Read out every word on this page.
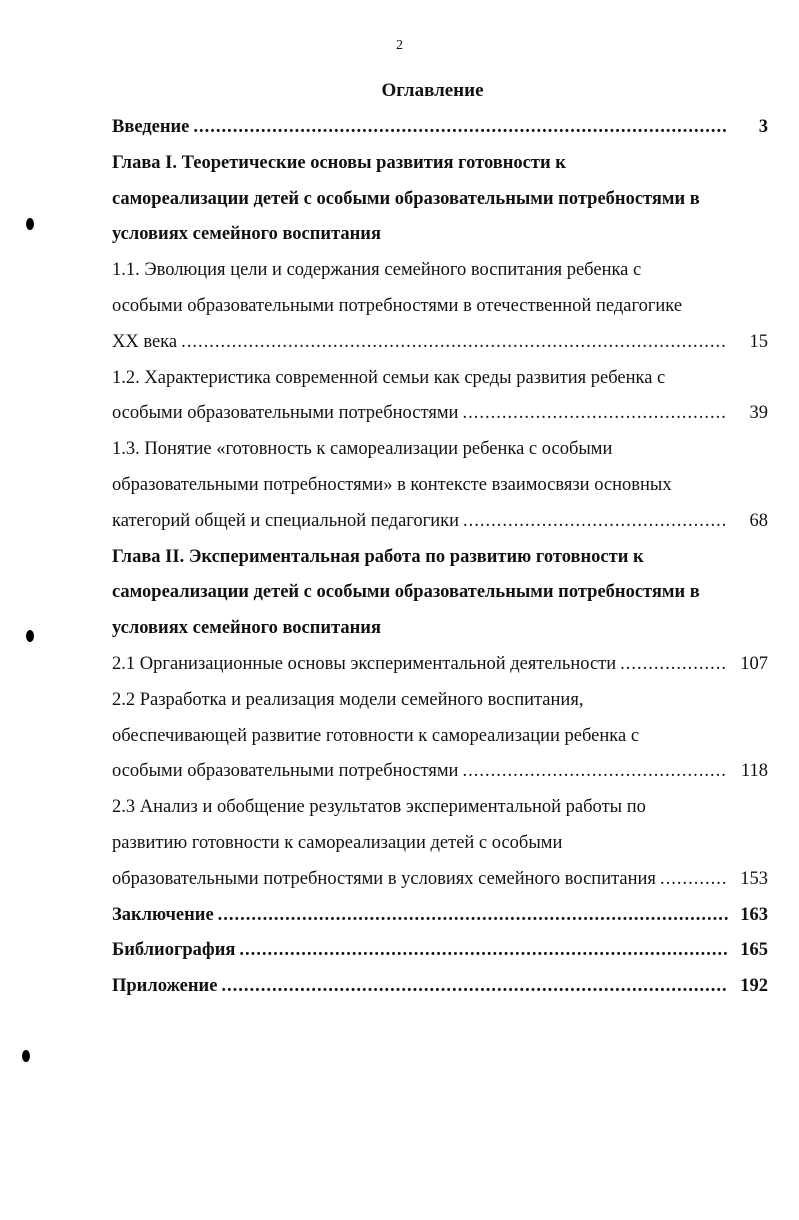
2
Оглавление
Введение .....	3
Глава I. Теоретические основы развития готовности к
самореализации детей с особыми образовательными потребностями в
условиях семейного воспитания
1.1. Эволюция цели и содержания семейного воспитания ребенка с
особыми образовательными потребностями в отечественной педагогике
XX века .....	15
1.2. Характеристика современной семьи как среды развития ребенка с
особыми образовательными потребностями .....	39
1.3. Понятие «готовность к самореализации ребенка с особыми
образовательными потребностями» в контексте взаимосвязи основных
категорий общей и специальной педагогики .....	68
Глава II. Экспериментальная работа по развитию готовности к
самореализации детей с особыми образовательными потребностями в
условиях семейного воспитания
2.1 Организационные основы экспериментальной деятельности .....	107
2.2 Разработка и реализация модели семейного воспитания,
обеспечивающей развитие готовности к самореализации ребенка с
особыми образовательными потребностями .....	118
2.3 Анализ и обобщение результатов экспериментальной работы по
развитию готовности к самореализации детей с особыми
образовательными потребностями в условиях семейного воспитания .....	153
Заключение .....	163
Библиография .....	165
Приложение .....	192
